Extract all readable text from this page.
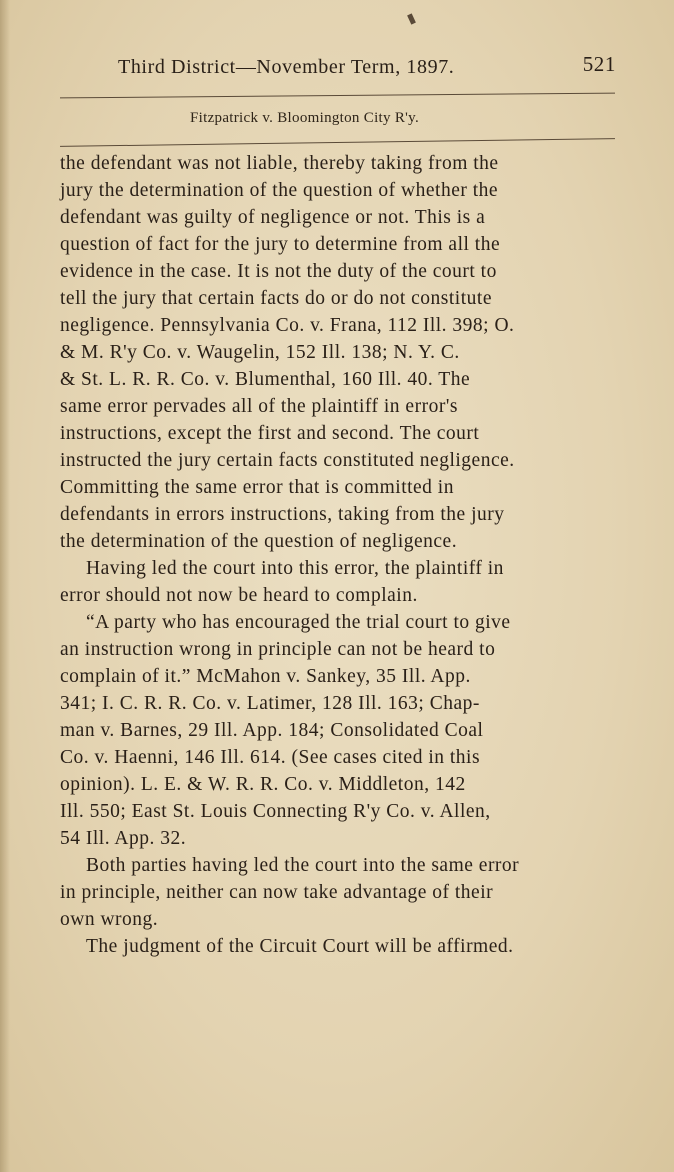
Third District—November Term, 1897.	521
Fitzpatrick v. Bloomington City R'y.
the defendant was not liable, thereby taking from the
jury the determination of the question of whether the
defendant was guilty of negligence or not. This is a
question of fact for the jury to determine from all the
evidence in the case. It is not the duty of the court to
tell the jury that certain facts do or do not constitute
negligence. Pennsylvania Co. v. Frana, 112 Ill. 398; O.
& M. R'y Co. v. Waugelin, 152 Ill. 138; N. Y. C.
& St. L. R. R. Co. v. Blumenthal, 160 Ill. 40. The
same error pervades all of the plaintiff in error's
instructions, except the first and second. The court
instructed the jury certain facts constituted negligence.
Committing the same error that is committed in
defendants in errors instructions, taking from the jury
the determination of the question of negligence.
Having led the court into this error, the plaintiff in
error should not now be heard to complain.
“A party who has encouraged the trial court to give
an instruction wrong in principle can not be heard to
complain of it.” McMahon v. Sankey, 35 Ill. App.
341; I. C. R. R. Co. v. Latimer, 128 Ill. 163; Chap-
man v. Barnes, 29 Ill. App. 184; Consolidated Coal
Co. v. Haenni, 146 Ill. 614. (See cases cited in this
opinion). L. E. & W. R. R. Co. v. Middleton, 142
Ill. 550; East St. Louis Connecting R'y Co. v. Allen,
54 Ill. App. 32.
Both parties having led the court into the same error
in principle, neither can now take advantage of their
own wrong.
The judgment of the Circuit Court will be affirmed.
